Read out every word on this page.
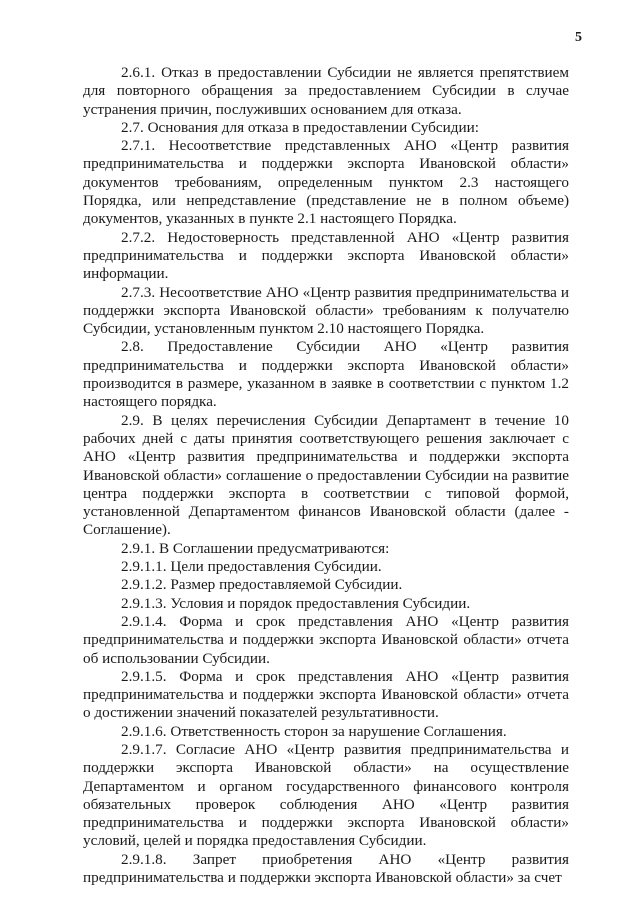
5

2.6.1. Отказ в предоставлении Субсидии не является препятствием для повторного обращения за предоставлением Субсидии в случае устранения причин, послуживших основанием для отказа.

2.7. Основания для отказа в предоставлении Субсидии:

2.7.1. Несоответствие представленных АНО «Центр развития предпринимательства и поддержки экспорта Ивановской области» документов требованиям, определенным пунктом 2.3 настоящего Порядка, или непредставление (представление не в полном объеме) документов, указанных в пункте 2.1 настоящего Порядка.

2.7.2. Недостоверность представленной АНО «Центр развития предпринимательства и поддержки экспорта Ивановской области» информации.

2.7.3. Несоответствие АНО «Центр развития предпринимательства и поддержки экспорта Ивановской области» требованиям к получателю Субсидии, установленным пунктом 2.10 настоящего Порядка.

2.8. Предоставление Субсидии АНО «Центр развития предпринимательства и поддержки экспорта Ивановской области» производится в размере, указанном в заявке в соответствии с пунктом 1.2 настоящего порядка.

2.9. В целях перечисления Субсидии Департамент в течение 10 рабочих дней с даты принятия соответствующего решения заключает с АНО «Центр развития предпринимательства и поддержки экспорта Ивановской области» соглашение о предоставлении Субсидии на развитие центра поддержки экспорта в соответствии с типовой формой, установленной Департаментом финансов Ивановской области (далее - Соглашение).

2.9.1. В Соглашении предусматриваются:

2.9.1.1. Цели предоставления Субсидии.

2.9.1.2. Размер предоставляемой Субсидии.

2.9.1.3. Условия и порядок предоставления Субсидии.

2.9.1.4. Форма и срок представления АНО «Центр развития предпринимательства и поддержки экспорта Ивановской области» отчета об использовании Субсидии.

2.9.1.5. Форма и срок представления АНО «Центр развития предпринимательства и поддержки экспорта Ивановской области» отчета о достижении значений показателей результативности.

2.9.1.6. Ответственность сторон за нарушение Соглашения.

2.9.1.7. Согласие АНО «Центр развития предпринимательства и поддержки экспорта Ивановской области» на осуществление Департаментом и органом государственного финансового контроля обязательных проверок соблюдения АНО «Центр развития предпринимательства и поддержки экспорта Ивановской области» условий, целей и порядка предоставления Субсидии.

2.9.1.8. Запрет приобретения АНО «Центр развития предпринимательства и поддержки экспорта Ивановской области» за счет
